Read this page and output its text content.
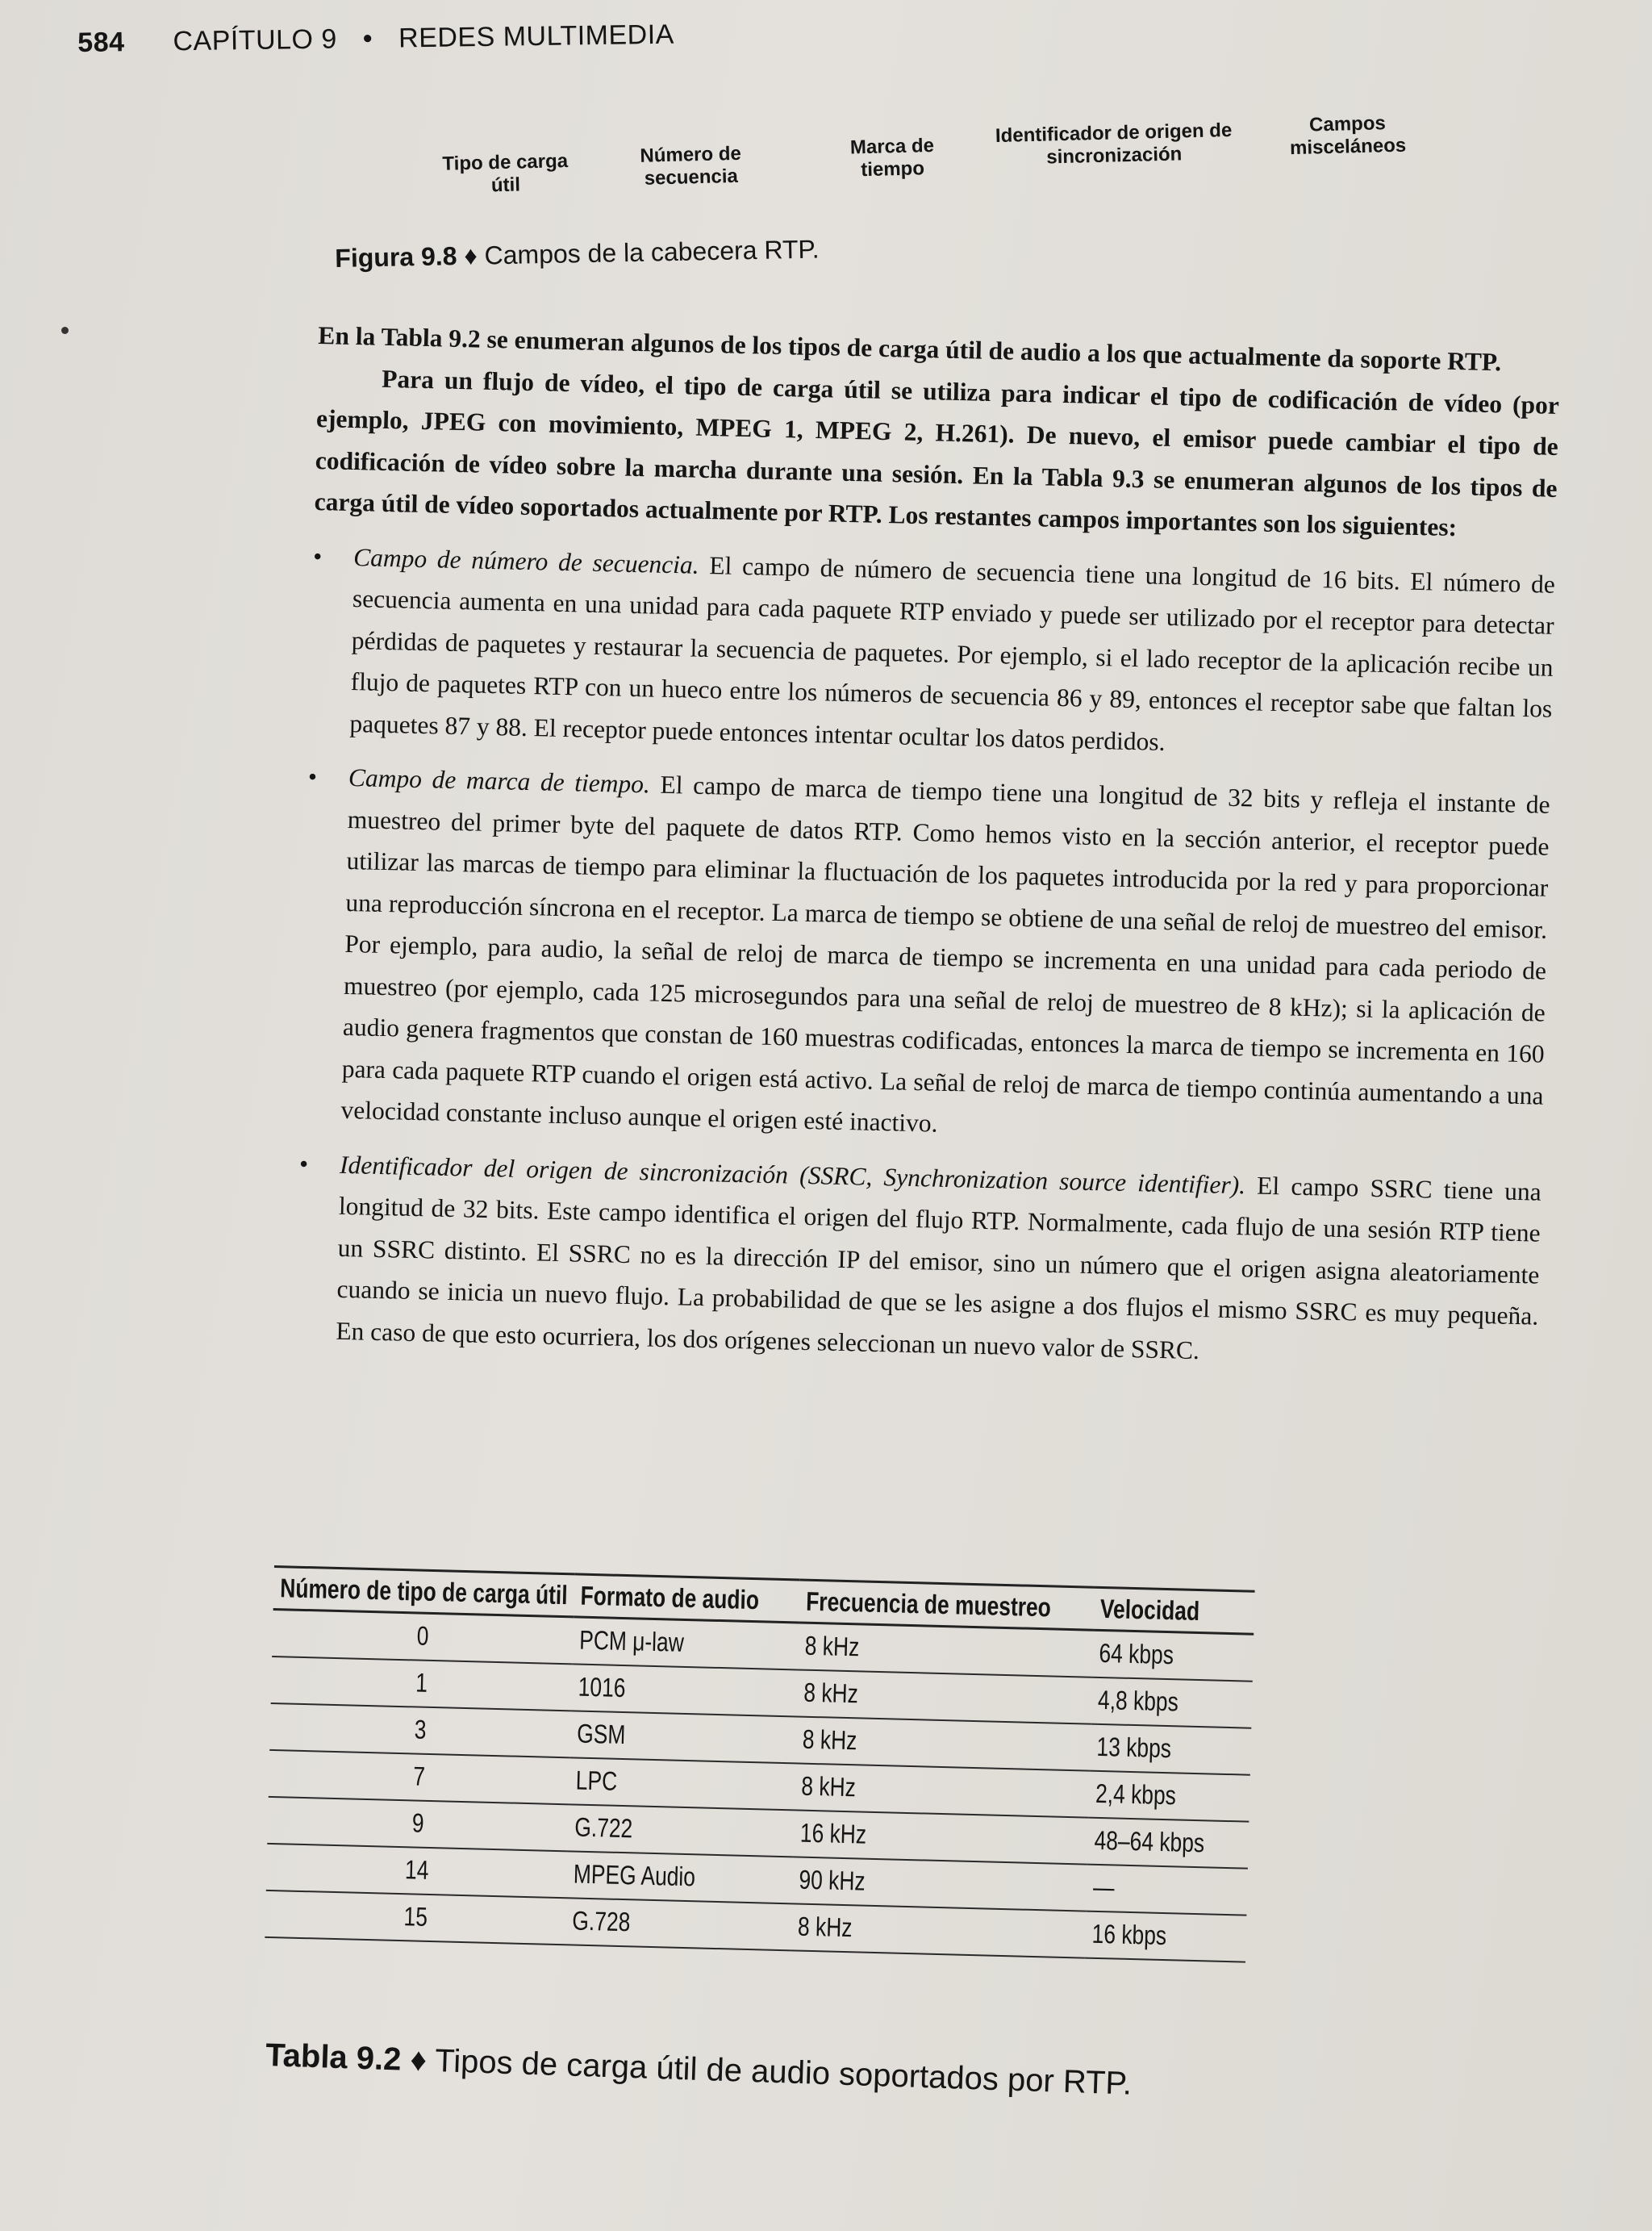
584 CAPÍTULO 9 • REDES MULTIMEDIA
Tipo de carga útil
Número de secuencia
Marca de tiempo
Identificador de origen de sincronización
Campos misceláneos
Figura 9.8 ♦ Campos de la cabecera RTP.

En la Tabla 9.2 se enumeran algunos de los tipos de carga útil de audio a los que actualmente da soporte RTP.

Para un flujo de vídeo, el tipo de carga útil se utiliza para indicar el tipo de codificación de vídeo (por ejemplo, JPEG con movimiento, MPEG 1, MPEG 2, H.261). De nuevo, el emisor puede cambiar el tipo de codificación de vídeo sobre la marcha durante una sesión. En la Tabla 9.3 se enumeran algunos de los tipos de carga útil de vídeo soportados actualmente por RTP. Los restantes campos importantes son los siguientes:

• Campo de número de secuencia. El campo de número de secuencia tiene una longitud de 16 bits. El número de secuencia aumenta en una unidad para cada paquete RTP enviado y puede ser utilizado por el receptor para detectar pérdidas de paquetes y restaurar la secuencia de paquetes. Por ejemplo, si el lado receptor de la aplicación recibe un flujo de paquetes RTP con un hueco entre los números de secuencia 86 y 89, entonces el receptor sabe que faltan los paquetes 87 y 88. El receptor puede entonces intentar ocultar los datos perdidos.
• Campo de marca de tiempo. El campo de marca de tiempo tiene una longitud de 32 bits y refleja el instante de muestreo del primer byte del paquete de datos RTP. Como hemos visto en la sección anterior, el receptor puede utilizar las marcas de tiempo para eliminar la fluctuación de los paquetes introducida por la red y para proporcionar una reproducción síncrona en el receptor. La marca de tiempo se obtiene de una señal de reloj de muestreo del emisor. Por ejemplo, para audio, la señal de reloj de marca de tiempo se incrementa en una unidad para cada periodo de muestreo (por ejemplo, cada 125 microsegundos para una señal de reloj de muestreo de 8 kHz); si la aplicación de audio genera fragmentos que constan de 160 muestras codificadas, entonces la marca de tiempo se incrementa en 160 para cada paquete RTP cuando el origen está activo. La señal de reloj de marca de tiempo continúa aumentando a una velocidad constante incluso aunque el origen esté inactivo.
• Identificador del origen de sincronización (SSRC, Synchronization source identifier). El campo SSRC tiene una longitud de 32 bits. Este campo identifica el origen del flujo RTP. Normalmente, cada flujo de una sesión RTP tiene un SSRC distinto. El SSRC no es la dirección IP del emisor, sino un número que el origen asigna aleatoriamente cuando se inicia un nuevo flujo. La probabilidad de que se les asigne a dos flujos el mismo SSRC es muy pequeña. En caso de que esto ocurriera, los dos orígenes seleccionan un nuevo valor de SSRC.
Número de tipo de carga útil	Formato de audio	Frecuencia de muestreo	Velocidad
0	PCM μ-law	8 kHz	64 kbps
1	1016	8 kHz	4,8 kbps
3	GSM	8 kHz	13 kbps
7	LPC	8 kHz	2,4 kbps
9	G.722	16 kHz	48–64 kbps
14	MPEG Audio	90 kHz	—
15	G.728	8 kHz	16 kbps
Tabla 9.2 ♦ Tipos de carga útil de audio soportados por RTP.
